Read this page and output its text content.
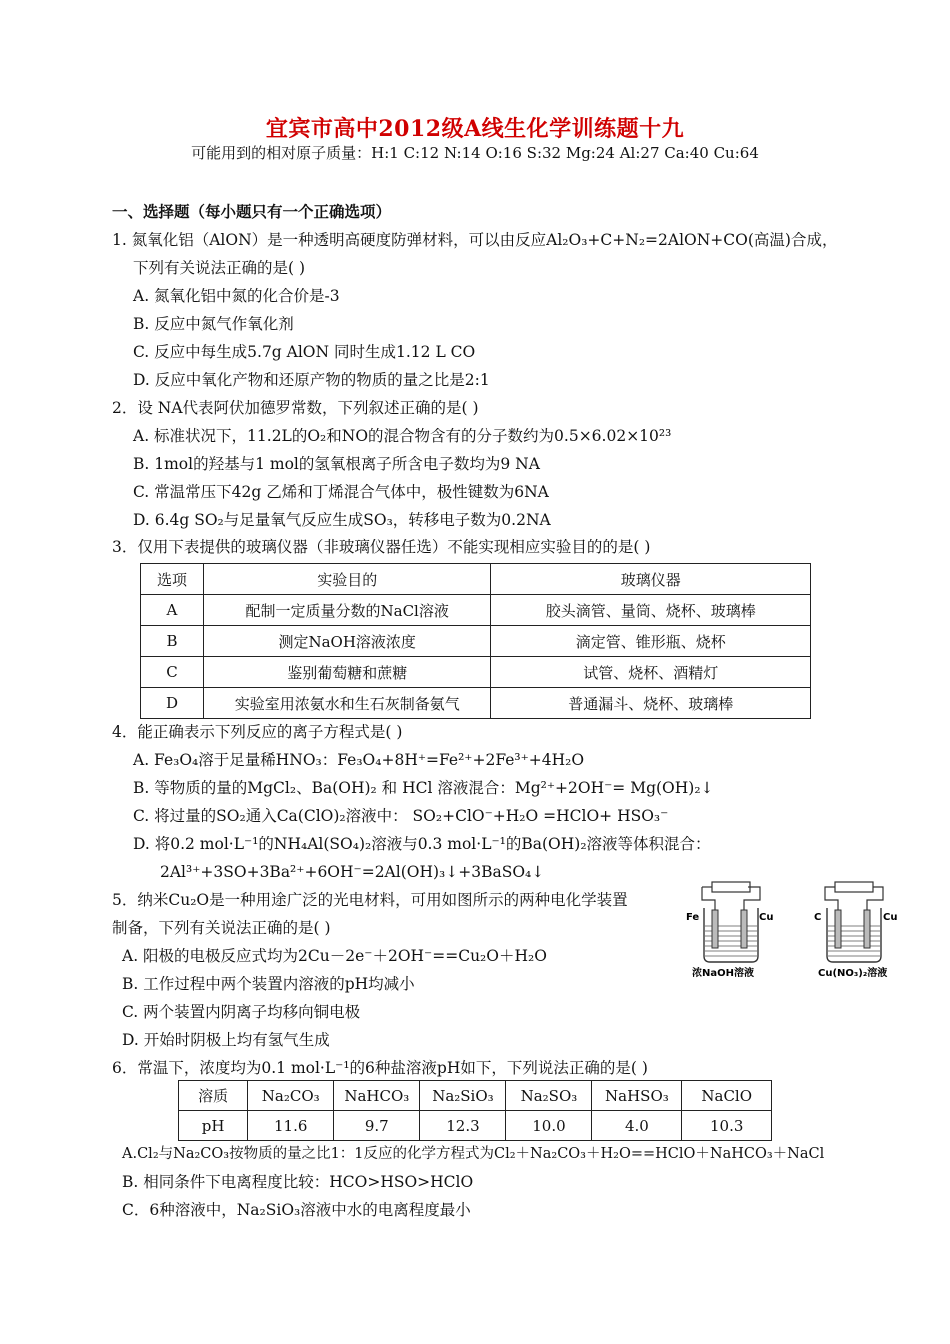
宜宾市高中2012级A线生化学训练题十九
可能用到的相对原子质量：H:1 C:12 N:14 O:16 S:32 Mg:24 Al:27 Ca:40 Cu:64
一、选择题（每小题只有一个正确选项）
1. 氮氧化铝（AlON）是一种透明高硬度防弹材料，可以由反应Al₂O₃+C+N₂=2AlON+CO(高温)合成，
下列有关说法正确的是( )
A. 氮氧化铝中氮的化合价是-3
B. 反应中氮气作氧化剂
C. 反应中每生成5.7g AlON 同时生成1.12 L CO
D. 反应中氧化产物和还原产物的物质的量之比是2:1
2．设 NA代表阿伏加德罗常数，下列叙述正确的是( )
A. 标准状况下，11.2L的O₂和NO的混合物含有的分子数约为0.5×6.02×10²³
B. 1mol的羟基与1 mol的氢氧根离子所含电子数均为9 NA
C. 常温常压下42g 乙烯和丁烯混合气体中，极性键数为6NA
D. 6.4g SO₂与足量氧气反应生成SO₃，转移电子数为0.2NA
3．仅用下表提供的玻璃仪器（非玻璃仪器任选）不能实现相应实验目的的是( )
选项	实验目的	玻璃仪器
A	配制一定质量分数的NaCl溶液	胶头滴管、量筒、烧杯、玻璃棒
B	测定NaOH溶液浓度	滴定管、锥形瓶、烧杯
C	鉴别葡萄糖和蔗糖	试管、烧杯、酒精灯
D	实验室用浓氨水和生石灰制备氨气	普通漏斗、烧杯、玻璃棒
4．能正确表示下列反应的离子方程式是( )
A. Fe₃O₄溶于足量稀HNO₃：Fe₃O₄+8H⁺=Fe²⁺+2Fe³⁺+4H₂O
B. 等物质的量的MgCl₂、Ba(OH)₂ 和 HCl 溶液混合：Mg²⁺+2OH⁻= Mg(OH)₂↓
C. 将过量的SO₂通入Ca(ClO)₂溶液中： SO₂+ClO⁻+H₂O =HClO+ HSO₃⁻
D. 将0.2 mol·L⁻¹的NH₄Al(SO₄)₂溶液与0.3 mol·L⁻¹的Ba(OH)₂溶液等体积混合：
2Al³⁺+3SO+3Ba²⁺+6OH⁻=2Al(OH)₃↓+3BaSO₄↓
5．纳米Cu₂O是一种用途广泛的光电材料，可用如图所示的两种电化学装置
制备，下列有关说法正确的是( )
A. 阳极的电极反应式均为2Cu－2e⁻＋2OH⁻==Cu₂O＋H₂O
B. 工作过程中两个装置内溶液的pH均减小
C. 两个装置内阴离子均移向铜电极
D. 开始时阴极上均有氢气生成
Fe	Cu
浓NaOH溶液
C	Cu
Cu(NO₃)₂溶液
6．常温下，浓度均为0.1 mol·L⁻¹的6种盐溶液pH如下，下列说法正确的是( )
溶质	Na₂CO₃	NaHCO₃	Na₂SiO₃	Na₂SO₃	NaHSO₃	NaClO
pH	11.6	9.7	12.3	10.0	4.0	10.3
A.Cl₂与Na₂CO₃按物质的量之比1：1反应的化学方程式为Cl₂＋Na₂CO₃＋H₂O==HClO＋NaHCO₃＋NaCl
B. 相同条件下电离程度比较：HCO>HSO>HClO
C．6种溶液中，Na₂SiO₃溶液中水的电离程度最小
